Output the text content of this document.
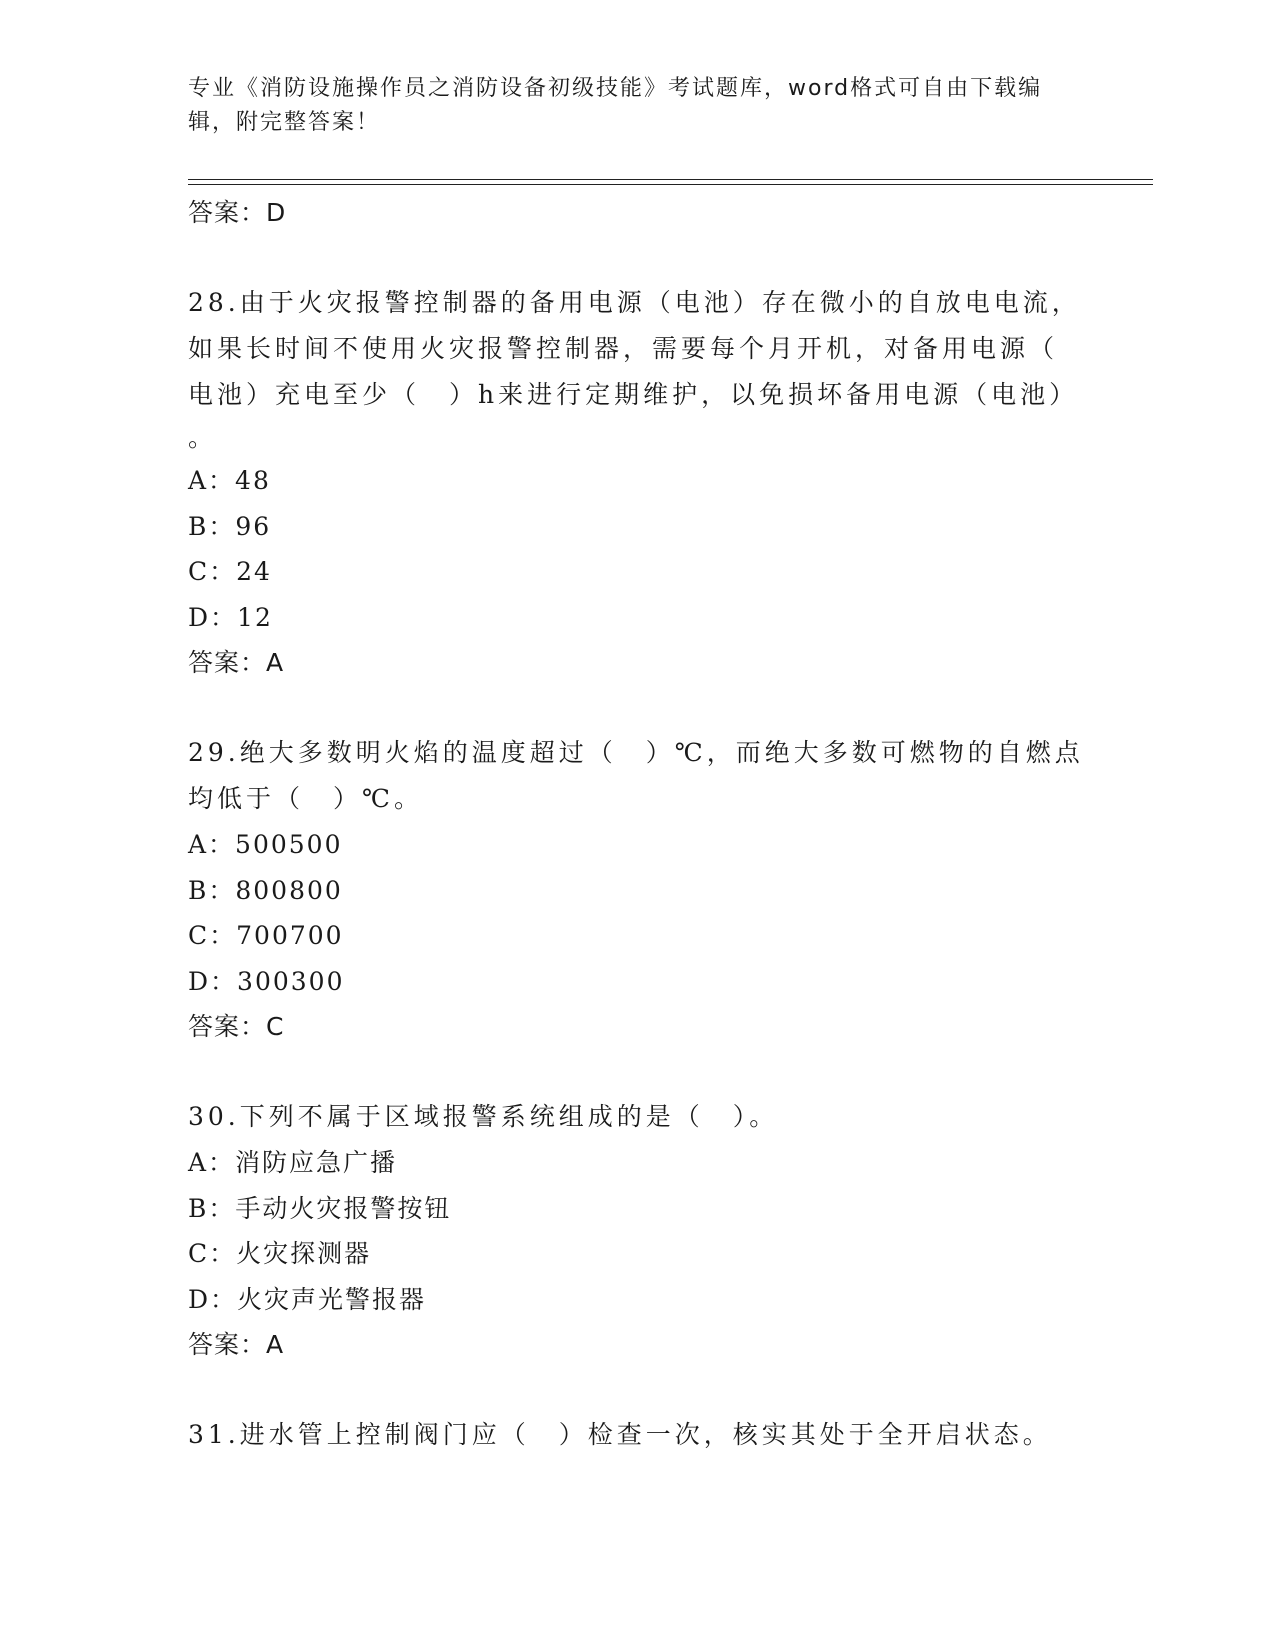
专业《消防设施操作员之消防设备初级技能》考试题库，word格式可自由下载编
辑，附完整答案！

答案：D

28.由于火灾报警控制器的备用电源（电池）存在微小的自放电电流，

如果长时间不使用火灾报警控制器，需要每个月开机，对备用电源（

电池）充电至少（　）h来进行定期维护，以免损坏备用电源（电池）

。

A：48

B：96

C：24

D：12

答案：A

29.绝大多数明火焰的温度超过（　）℃，而绝大多数可燃物的自燃点

均低于（　）℃。

A：500500

B：800800

C：700700

D：300300

答案：C

30.下列不属于区域报警系统组成的是（　）。

A：消防应急广播

B：手动火灾报警按钮

C：火灾探测器

D：火灾声光警报器

答案：A

31.进水管上控制阀门应（　）检查一次，核实其处于全开启状态。
